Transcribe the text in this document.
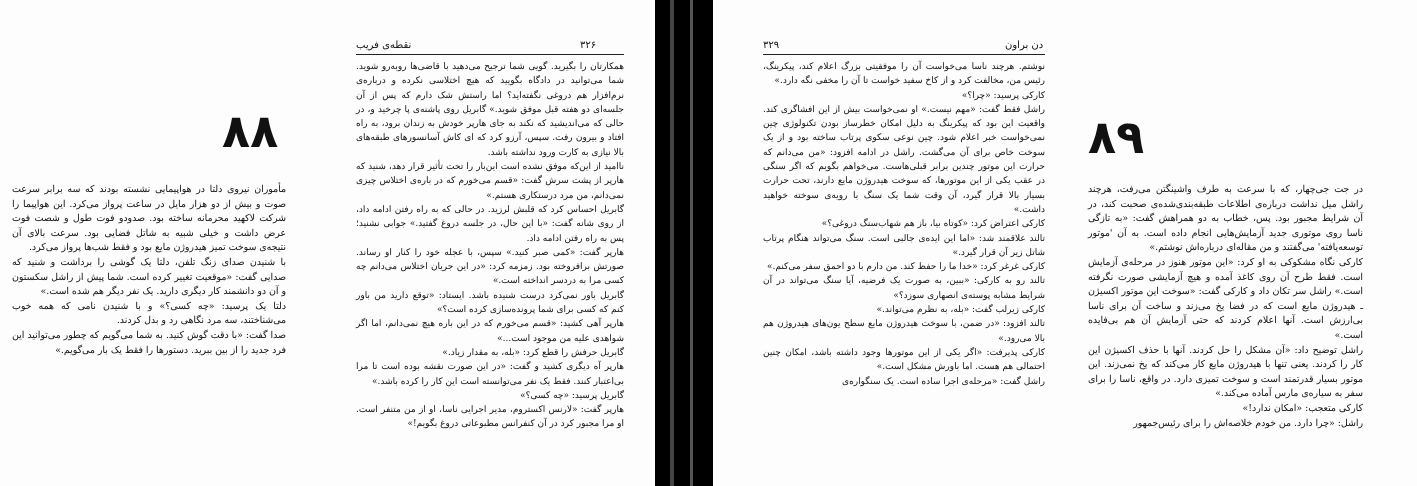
۸۸

مأموران نیروی دلتا در هواپیمایی نشسته بودند که سه برابر سرعت صوت و بیش از دو هزار مایل در ساعت پرواز می‌کرد. این هواپیما را شرکت لاکهید محرمانه ساخته بود. صدودو فوت طول و شصت فوت عرض داشت و خیلی شبیه به شاتل فضایی بود. سرعت بالای آن نتیجه‌ی سوخت تمیز هیدروژن مایع بود و فقط شب‌ها پرواز می‌کرد.

با شنیدن صدای زنگ تلفن، دلتا یک گوشی را برداشت و شنید که صدایی گفت: «موقعیت تغییر کرده است. شما پیش از راشل سکستون و آن دو دانشمند کار دیگری دارید. یک نفر دیگر هم شده است.»

دلتا یک پرسید: «چه کسی؟» و با شنیدن نامی که همه خوب می‌شناختند، سه مرد نگاهی رد و بدل کردند.

صدا گفت: «با دقت گوش کنید. به شما می‌گویم که چطور می‌توانید این فرد جدید را از بین ببرید. دستورها را فقط یک بار می‌گویم.»

۳۲۶
نقطه‌ی فریب

همکارتان را بگیرید. گویی شما ترجیح می‌دهید با قاضی‌ها روبه‌رو شوید. شما می‌توانید در دادگاه بگویید که هیچ اختلاسی نکرده و درباره‌ی نرم‌افزار هم دروغی نگفته‌اید؟ اما راستش شک دارم که پس از آن جلسه‌ای دو هفته قبل موفق شوید.» گابریل روی پاشنه‌ی پا چرخید و، در حالی که می‌اندیشید که نکند به جای هارپر خودش به زندان برود، به راه افتاد و بیرون رفت. سپس، آرزو کرد که ای کاش آسانسورهای طبقه‌های بالا نیازی به کارت ورود نداشته باشد.

ناامید از این‌که موفق نشده است این‌بار را تحت تأثیر قرار دهد، شنید که هارپر از پشت سرش گفت: «قسم می‌خورم که در باره‌ی اختلاس چیزی نمی‌دانم، من مرد درستکاری هستم.»

گابریل احساس کرد که قلبش لرزید. در حالی که به راه رفتن ادامه داد، از روی شانه گفت: «با این حال، در جلسه دروغ گفتید.» جوابی نشنید؛ پس به راه رفتن ادامه داد.

هارپر گفت: «کمی صبر کنید.» سپس، با عجله خود را کنار او رساند. صورتش برافروخته بود. زمزمه کرد: «در این جریان اختلاس می‌دانم چه کسی مرا به دردسر انداخته است.»

گابریل باور نمی‌کرد درست شنیده باشد. ایستاد: «توقع دارید من باور کنم که کسی برای شما پرونده‌سازی کرده است؟»

هارپر آهی کشید: «قسم می‌خورم که در این باره هیچ نمی‌دانم، اما اگر شواهدی علیه من موجود است...»

گابریل حرفش را قطع کرد: «بله، به مقدار زیاد.»

هارپر آه دیگری کشید و گفت: «در این صورت نقشه بوده است تا مرا بی‌اعتبار کنند. فقط یک نفر می‌توانسته است این کار را کرده باشد.»

گابریل پرسید: «چه کسی؟»

هارپر گفت: «لارنس اکستروم، مدیر اجرایی ناسا، او از من متنفر است. او مرا مجبور کرد در آن کنفرانس مطبوعاتی دروغ بگویم!»

۳۲۹	دن براون

نوشتم. هرچند ناسا می‌خواست آن را موفقیتی بزرگ اعلام کند، پیکرینگ، رئیس من، مخالفت کرد و از کاخ سفید خواست تا آن را مخفی نگه دارد.»

کارکی پرسید: «چرا؟»

راشل فقط گفت: «مهم نیست.» او نمی‌خواست بیش از این افشاگری کند. واقعیت این بود که پیکرینگ به دلیل امکان خطرساز بودن تکنولوژی چین نمی‌خواست خبر اعلام شود. چین نوعی سکوی پرتاب ساخته بود و از یک سوخت خاص برای آن می‌گشت. راشل در ادامه افزود: «من می‌دانم که حرارت این موتور چندین برابر قبلی‌هاست. می‌خواهم بگویم که اگر سنگی در عقب یکی از این موتورها، که سوخت هیدروژن مایع دارند، تحت حرارت بسیار بالا قرار گیرد، آن وقت شما یک سنگ با رویه‌ی سوخته خواهید داشت.»

کارکی اعتراض کرد: «کوتاه بیا، باز هم شهاب‌سنگ دروغی؟»

تالند علاقمند شد: «اما این ایده‌ی جالبی است. سنگ می‌تواند هنگام پرتاب شاتل زیر آن قرار گیرد.»

کارکی غرغر کرد: «خدا ما را حفظ کند. من دارم با دو احمق سفر می‌کنم.»

تالند رو به کارکی: «ببین، به صورت یک فرضیه، آیا سنگ می‌تواند در آن شرایط مشابه پوسته‌ی انصهاری سوزد؟»

کارکی زیرلب گفت: «بله، به نظرم می‌تواند.»

تالند افزود: «در ضمن، با سوخت هیدروژن مایع سطح یون‌های هیدروژن هم بالا می‌رود.»

کارکی پذیرفت: «اگر یکی از این موتورها وجود داشته باشد، امکان چنین احتمالی هم هست. اما باورش مشکل است.»

راشل گفت: «مرحله‌ی اجرا ساده است. یک سنگواره‌ی

۸۹

در جت جی‌چهار، که با سرعت به طرف واشینگتن می‌رفت، هرچند راشل میل نداشت درباره‌ی اطلاعات طبقه‌بندی‌شده‌ی صحبت کند، در آن شرایط مجبور بود. پس، خطاب به دو همراهش گفت: «به تازگی ناسا روی موتوری جدید آزمایش‌هایی انجام داده است. به آن 'موتور توسعه‌یافته' می‌گفتند و من مقاله‌ای درباره‌اش نوشتم.»

کارکی نگاه مشکوکی به او کرد: «این موتور هنوز در مرحله‌ی آزمایش است. فقط طرح آن روی کاغذ آمده و هیچ آزمایشی صورت نگرفته است.» راشل سر تکان داد و کارکی گفت: «سوخت این موتور اکسیژن ـ هیدروژن مایع است که در فضا یخ می‌زند و ساخت آن برای ناسا بی‌ارزش است. آنها اعلام کردند که حتی آزمایش آن هم بی‌فایده است.»

راشل توضیح داد: «آن مشکل را حل کردند. آنها با حذف اکسیژن این کار را کردند. یعنی تنها با هیدروژن مایع کار می‌کند که یخ نمی‌زند. این موتور بسیار قدرتمند است و سوخت تمیزی دارد. در واقع، ناسا را برای سفر به سیاره‌ی مارس آماده می‌کند.»

کارکی متعجب: «امکان ندارد!»

راشل: «چرا دارد. من خودم خلاصه‌اش را برای رئیس‌جمهور
